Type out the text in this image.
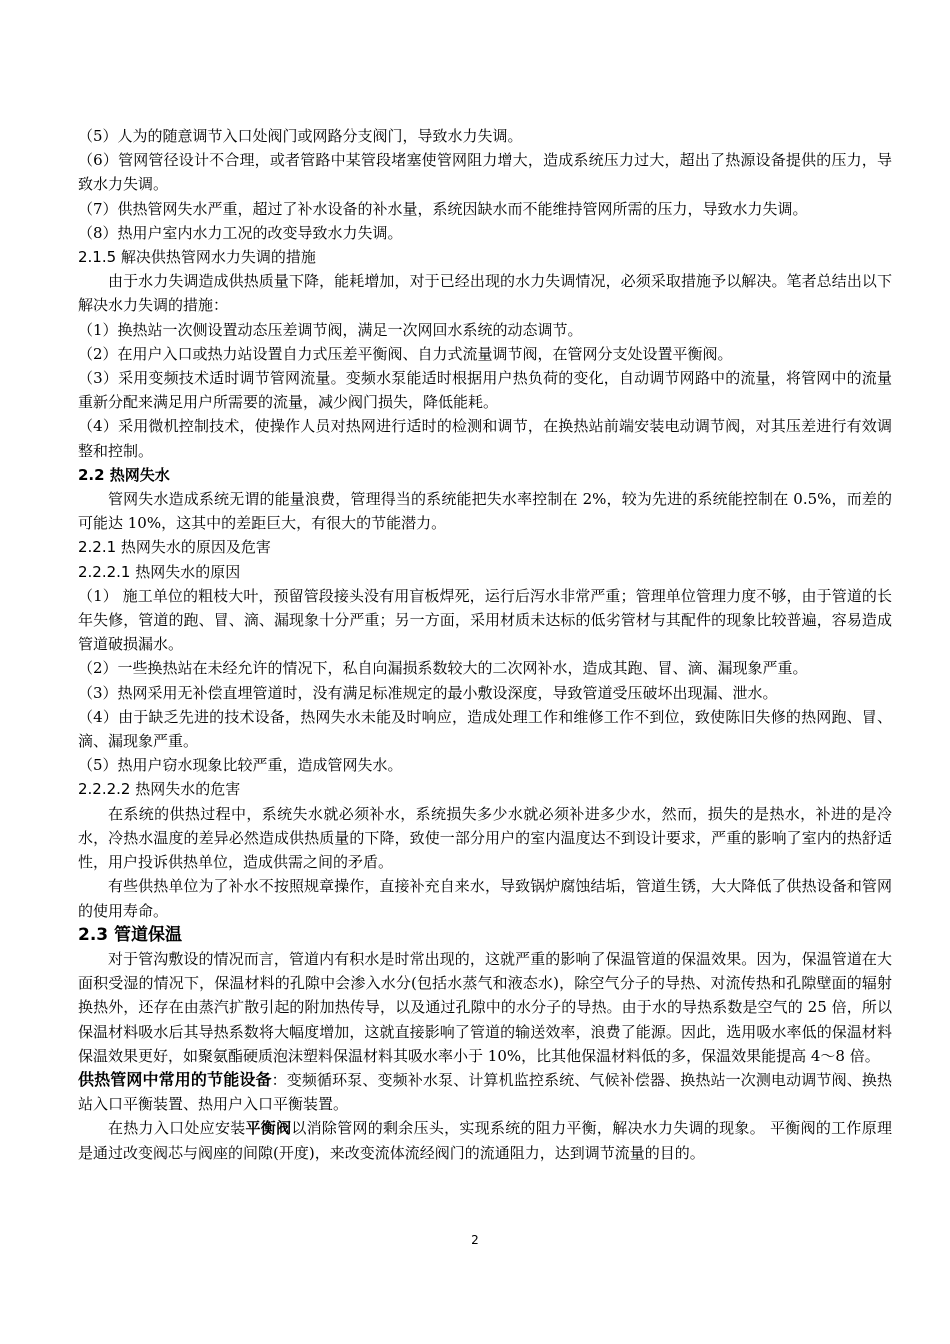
（5）人为的随意调节入口处阀门或网路分支阀门，导致水力失调。

（6）管网管径设计不合理，或者管路中某管段堵塞使管网阻力增大，造成系统压力过大，超出了热源设备提供的压力，导致水力失调。

（7）供热管网失水严重，超过了补水设备的补水量，系统因缺水而不能维持管网所需的压力，导致水力失调。

（8）热用户室内水力工况的改变导致水力失调。

2.1.5 解决供热管网水力失调的措施

由于水力失调造成供热质量下降，能耗增加，对于已经出现的水力失调情况，必须采取措施予以解决。笔者总结出以下解决水力失调的措施：

（1）换热站一次侧设置动态压差调节阀，满足一次网回水系统的动态调节。

（2）在用户入口或热力站设置自力式压差平衡阀、自力式流量调节阀，在管网分支处设置平衡阀。

（3）采用变频技术适时调节管网流量。变频水泵能适时根据用户热负荷的变化，自动调节网路中的流量，将管网中的流量重新分配来满足用户所需要的流量，减少阀门损失，降低能耗。

（4）采用微机控制技术，使操作人员对热网进行适时的检测和调节，在换热站前端安装电动调节阀，对其压差进行有效调整和控制。

2.2 热网失水

管网失水造成系统无谓的能量浪费，管理得当的系统能把失水率控制在 2%，较为先进的系统能控制在 0.5%，而差的可能达 10%，这其中的差距巨大，有很大的节能潜力。

2.2.1 热网失水的原因及危害

2.2.2.1 热网失水的原因

（1） 施工单位的粗枝大叶，预留管段接头没有用盲板焊死，运行后泻水非常严重；管理单位管理力度不够，由于管道的长年失修，管道的跑、冒、滴、漏现象十分严重；另一方面，采用材质未达标的低劣管材与其配件的现象比较普遍，容易造成管道破损漏水。

（2）一些换热站在未经允许的情况下，私自向漏损系数较大的二次网补水，造成其跑、冒、滴、漏现象严重。

（3）热网采用无补偿直埋管道时，没有满足标准规定的最小敷设深度，导致管道受压破坏出现漏、泄水。

（4）由于缺乏先进的技术设备，热网失水未能及时响应，造成处理工作和维修工作不到位，致使陈旧失修的热网跑、冒、滴、漏现象严重。

（5）热用户窃水现象比较严重，造成管网失水。

2.2.2.2 热网失水的危害

在系统的供热过程中，系统失水就必须补水，系统损失多少水就必须补进多少水，然而，损失的是热水，补进的是冷水，冷热水温度的差异必然造成供热质量的下降，致使一部分用户的室内温度达不到设计要求，严重的影响了室内的热舒适性，用户投诉供热单位，造成供需之间的矛盾。

有些供热单位为了补水不按照规章操作，直接补充自来水，导致锅炉腐蚀结垢，管道生锈，大大降低了供热设备和管网的使用寿命。

2.3 管道保温

对于管沟敷设的情况而言，管道内有积水是时常出现的，这就严重的影响了保温管道的保温效果。因为，保温管道在大面积受湿的情况下，保温材料的孔隙中会渗入水分(包括水蒸气和液态水)，除空气分子的导热、对流传热和孔隙壁面的辐射换热外，还存在由蒸汽扩散引起的附加热传导，以及通过孔隙中的水分子的导热。由于水的导热系数是空气的 25 倍，所以保温材料吸水后其导热系数将大幅度增加，这就直接影响了管道的输送效率，浪费了能源。因此，选用吸水率低的保温材料保温效果更好，如聚氨酯硬质泡沫塑料保温材料其吸水率小于 10%，比其他保温材料低的多，保温效果能提高 4～8 倍。

供热管网中常用的节能设备：变频循环泵、变频补水泵、计算机监控系统、气候补偿器、换热站一次测电动调节阀、换热站入口平衡装置、热用户入口平衡装置。

在热力入口处应安装平衡阀以消除管网的剩余压头，实现系统的阻力平衡，解决水力失调的现象。 平衡阀的工作原理是通过改变阀芯与阀座的间隙(开度)，来改变流体流经阀门的流通阻力，达到调节流量的目的。

2
